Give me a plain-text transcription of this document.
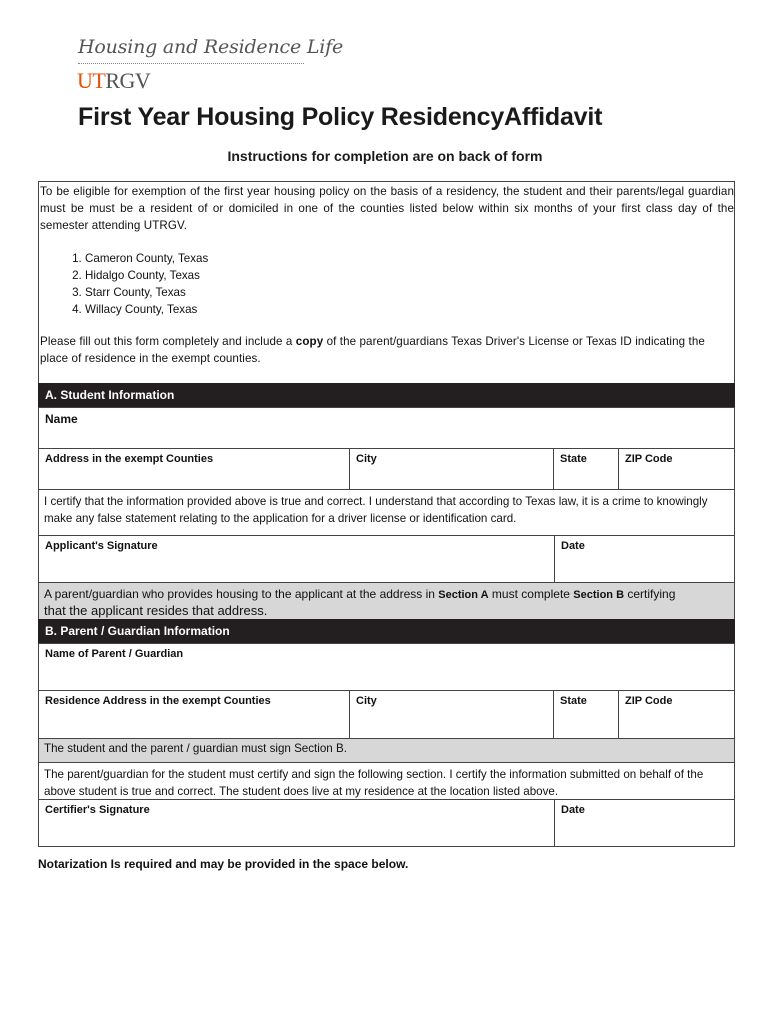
Housing and Residence Life
UTRGV
First Year Housing Policy ResidencyAffidavit
Instructions for completion are on back of form

To be eligible for exemption of the first year housing policy on the basis of a residency, the student and their parents/legal guardian must be must be a resident of or domiciled in one of the counties listed below within six months of your first class day of the semester attending UTRGV.

1. Cameron County, Texas
2. Hidalgo County, Texas
3. Starr County, Texas
4. Willacy County, Texas

Please fill out this form completely and include a copy of the parent/guardians Texas Driver's License or Texas ID indicating the place of residence in the exempt counties.

A. Student Information
Name
Address in the exempt Counties	City	State	ZIP Code
I certify that the information provided above is true and correct. I understand that according to Texas law, it is a crime to knowingly make any false statement relating to the application for a driver license or identification card.
Applicant's Signature	Date
A parent/guardian who provides housing to the applicant at the address in Section A must complete Section B certifying
that the applicant resides that address.
B. Parent / Guardian Information
Name of Parent / Guardian
Residence Address in the exempt Counties	City	State	ZIP Code
The student and the parent / guardian must sign Section B.
The parent/guardian for the student must certify and sign the following section. I certify the information submitted on behalf of the above student is true and correct. The student does live at my residence at the location listed above.
Certifier's Signature	Date
Notarization Is required and may be provided in the space below.
